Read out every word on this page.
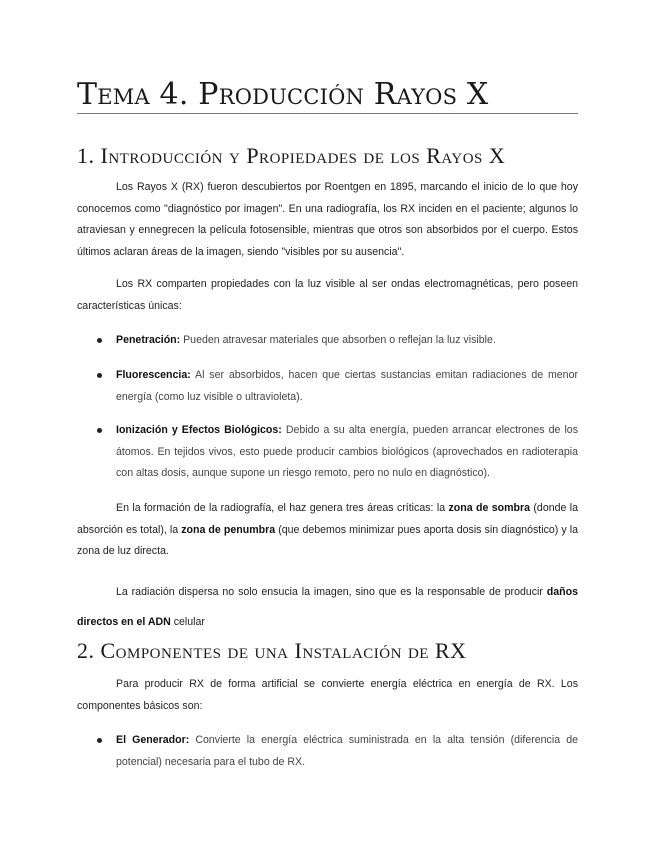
Tema 4. Producción Rayos X
1. Introducción y Propiedades de los Rayos X

Los Rayos X (RX) fueron descubiertos por Roentgen en 1895, marcando el inicio de lo que hoy conocemos como "diagnóstico por imagen". En una radiografía, los RX inciden en el paciente; algunos lo atraviesan y ennegrecen la película fotosensible, mientras que otros son absorbidos por el cuerpo. Estos últimos aclaran áreas de la imagen, siendo "visibles por su ausencia".

Los RX comparten propiedades con la luz visible al ser ondas electromagnéticas, pero poseen características únicas:

Penetración: Pueden atravesar materiales que absorben o reflejan la luz visible.
Fluorescencia: Al ser absorbidos, hacen que ciertas sustancias emitan radiaciones de menor energía (como luz visible o ultravioleta).
Ionización y Efectos Biológicos: Debido a su alta energía, pueden arrancar electrones de los átomos. En tejidos vivos, esto puede producir cambios biológicos (aprovechados en radioterapia con altas dosis, aunque supone un riesgo remoto, pero no nulo en diagnóstico).

En la formación de la radiografía, el haz genera tres áreas críticas: la zona de sombra (donde la absorción es total), la zona de penumbra (que debemos minimizar pues aporta dosis sin diagnóstico) y la zona de luz directa.

La radiación dispersa no solo ensucia la imagen, sino que es la responsable de producir daños directos en el ADN celular

2. Componentes de una Instalación de RX

Para producir RX de forma artificial se convierte energía eléctrica en energía de RX. Los componentes básicos son:

El Generador: Convierte la energía eléctrica suministrada en la alta tensión (diferencia de potencial) necesaria para el tubo de RX.
